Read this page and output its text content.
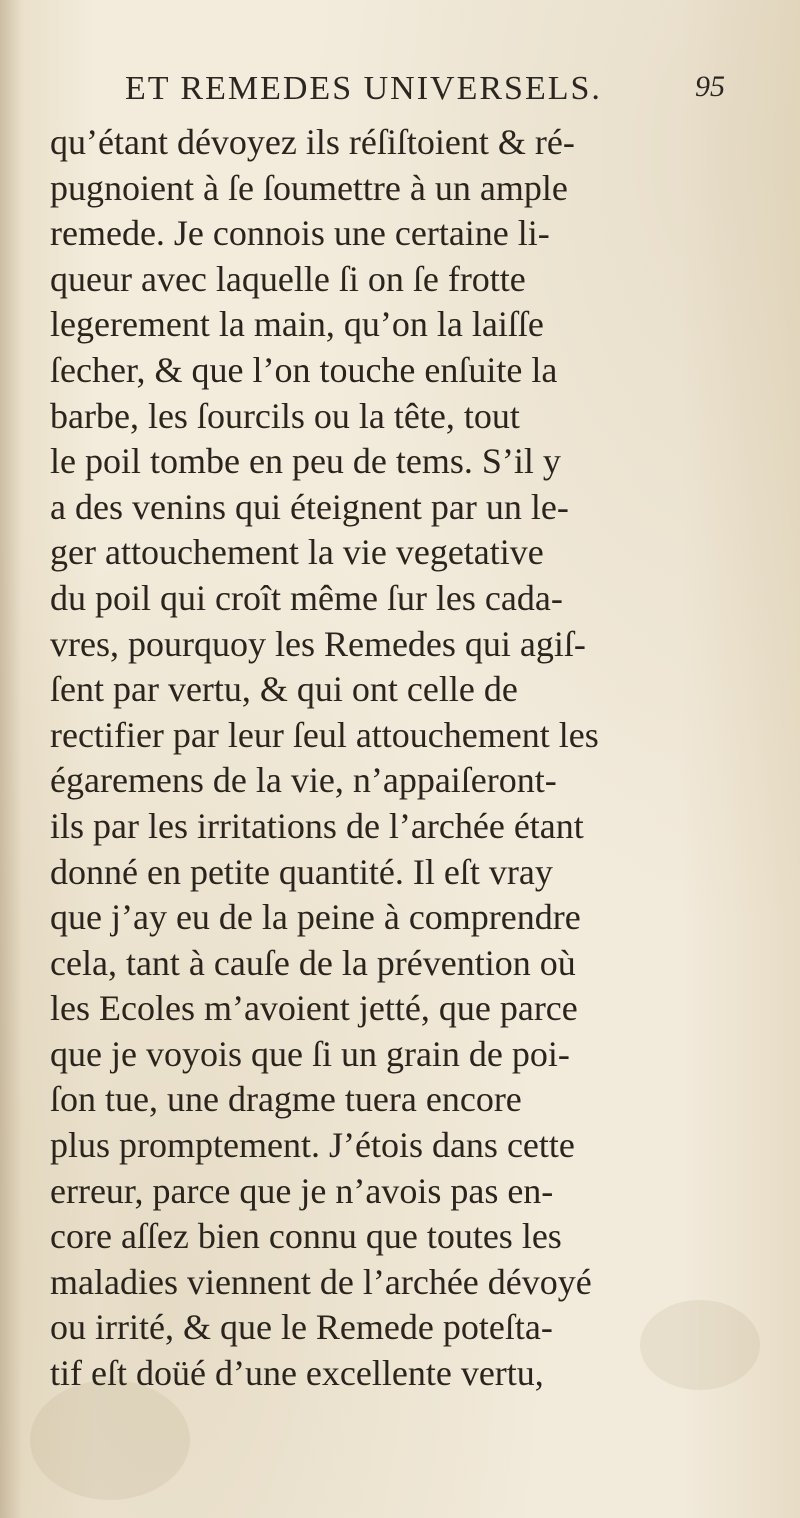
ET REMEDES UNIVERSELS.	95
qu’étant dévoyez ils réſiſtoient & ré-
pugnoient à ſe ſoumettre à un ample
remede. Je connois une certaine li-
queur avec laquelle ſi on ſe frotte
legerement la main, qu’on la laiſſe
ſecher, & que l’on touche enſuite la
barbe, les ſourcils ou la tête, tout
le poil tombe en peu de tems. S’il y
a des venins qui éteignent par un le-
ger attouchement la vie vegetative
du poil qui croît même ſur les cada-
vres, pourquoy les Remedes qui agiſ-
ſent par vertu, & qui ont celle de
rectifier par leur ſeul attouchement les
égaremens de la vie, n’appaiſeront-
ils par les irritations de l’archée étant
donné en petite quantité. Il eſt vray
que j’ay eu de la peine à comprendre
cela, tant à cauſe de la prévention où
les Ecoles m’avoient jetté, que parce
que je voyois que ſi un grain de poi-
ſon tue, une dragme tuera encore
plus promptement. J’étois dans cette
erreur, parce que je n’avois pas en-
core aſſez bien connu que toutes les
maladies viennent de l’archée dévoyé
ou irrité, & que le Remede poteſta-
tif eſt doüé d’une excellente vertu,
